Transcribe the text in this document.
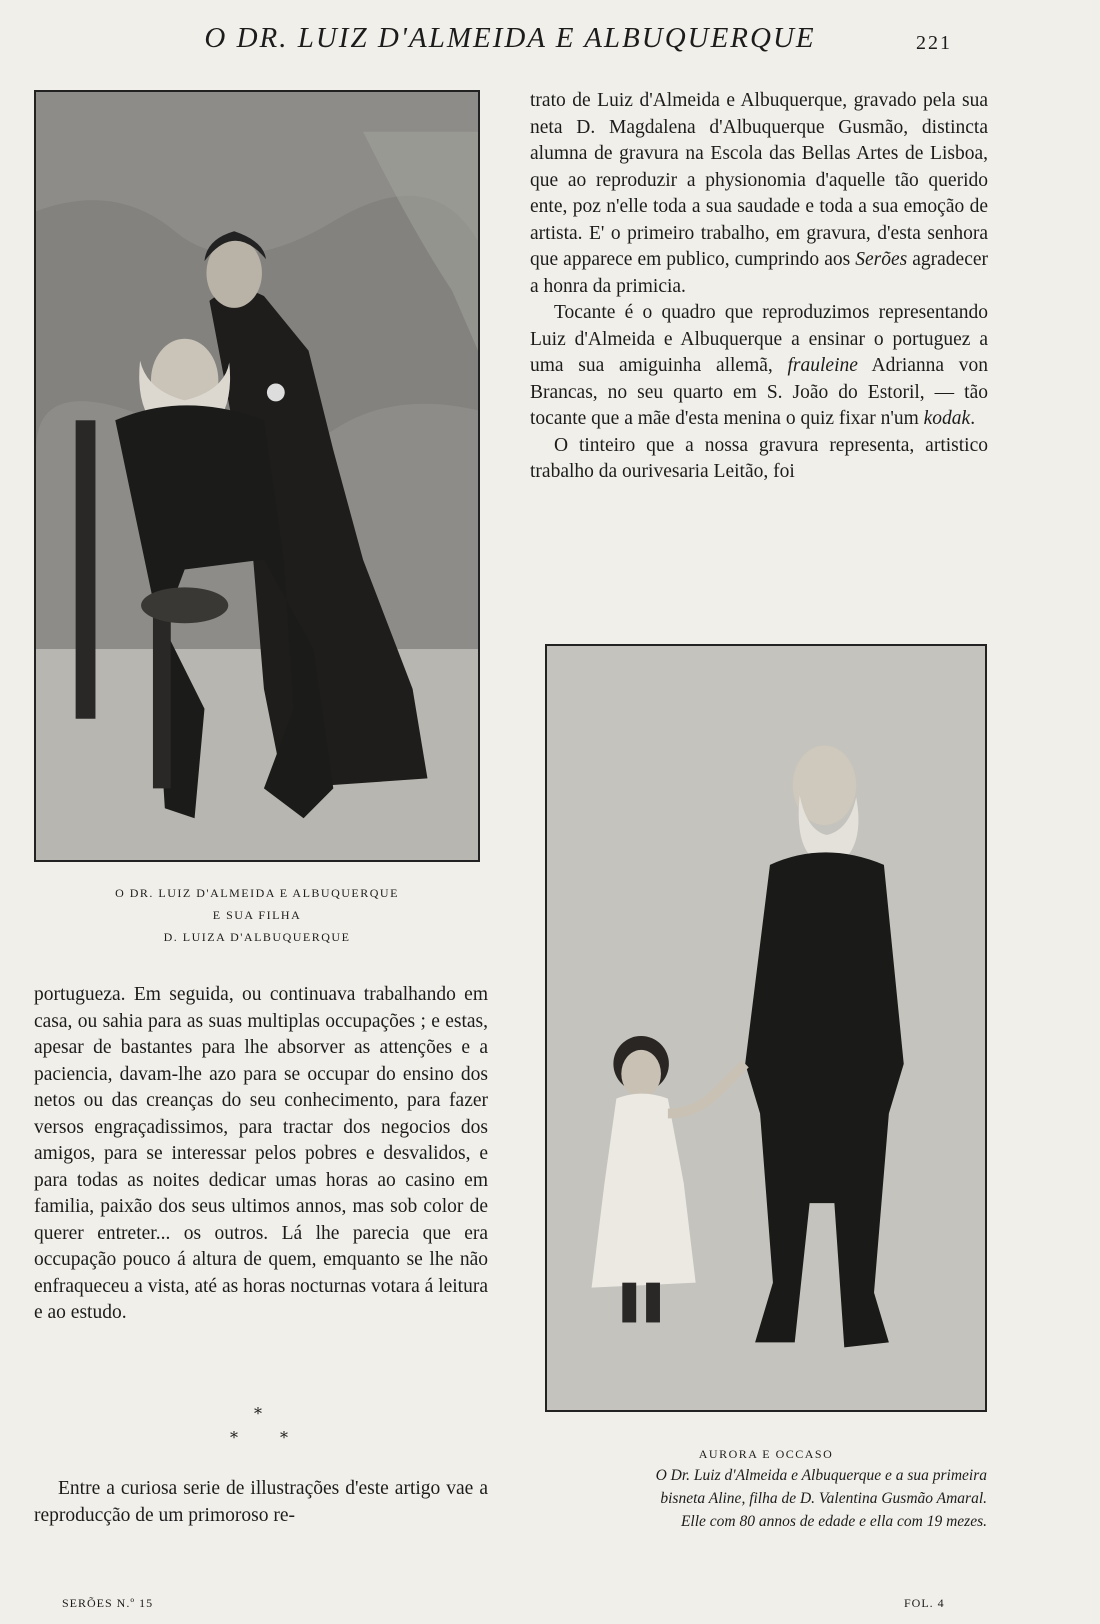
O DR. LUIZ D'ALMEIDA E ALBUQUERQUE	221
O DR. LUIZ D'ALMEIDA E ALBUQUERQUE
E SUA FILHA
D. LUIZA D'ALBUQUERQUE

trato de Luiz d'Almeida e Albuquerque, gravado pela sua neta D. Magdalena d'Albuquerque Gusmão, distincta alumna de gravura na Escola das Bellas Artes de Lisboa, que ao reproduzir a physionomia d'aquelle tão querido ente, poz n'elle toda a sua saudade e toda a sua emoção de artista. E' o primeiro trabalho, em gravura, d'esta senhora que apparece em publico, cumprindo aos Serões agradecer a honra da primicia.

Tocante é o quadro que reproduzimos representando Luiz d'Almeida e Albuquerque a ensinar o portuguez a uma sua amiguinha allemã, frauleine Adrianna von Brancas, no seu quarto em S. João do Estoril, — tão tocante que a mãe d'esta menina o quiz fixar n'um kodak.

O tinteiro que a nossa gravura representa, artistico trabalho da ourivesaria Leitão, foi

AURORA E OCCASO
O Dr. Luiz d'Almeida e Albuquerque e a sua primeira
bisneta Aline, filha de D. Valentina Gusmão Amaral.
Elle com 80 annos de edade e ella com 19 mezes.

portugueza. Em seguida, ou continuava trabalhando em casa, ou sahia para as suas multiplas occupações ; e estas, apesar de bastantes para lhe absorver as attenções e a paciencia, davam-lhe azo para se occupar do ensino dos netos ou das creanças do seu conhecimento, para fazer versos engraçadissimos, para tractar dos negocios dos amigos, para se interessar pelos pobres e desvalidos, e para todas as noites dedicar umas horas ao casino em familia, paixão dos seus ultimos annos, mas sob color de querer entreter... os outros. Lá lhe parecia que era occupação pouco á altura de quem, emquanto se lhe não enfraqueceu a vista, até as horas nocturnas votara á leitura e ao estudo.

*
*	*

Entre a curiosa serie de illustrações d'este artigo vae a reproducção de um primoroso re-

SERÕES N.º 15	FOL. 4
